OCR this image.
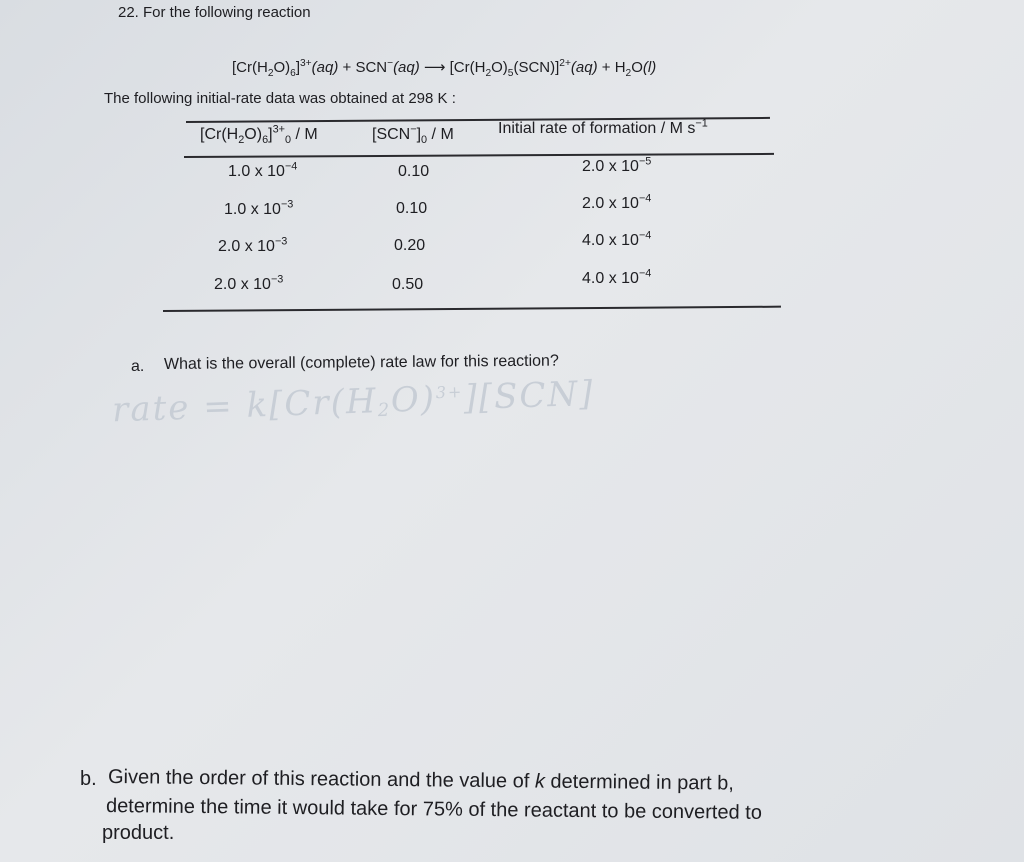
22. For the following reaction
$[Cr(H_2O)_6]^{3+}(aq) + SCN^-(aq)$ ⟶ $[Cr(H_2O)_5(SCN)]^{2+}(aq) + H_2O(l)$
The following initial-rate data was obtained at 298 K :
$[Cr(H_2O)_6]^{3+}_0$ / M	$[SCN^-]_0$ / M	Initial rate of formation / M $s^{-1}$
1.0 x $10^{-4}$	0.10	2.0 x $10^{-5}$
1.0 x $10^{-3}$	0.10	2.0 x $10^{-4}$
2.0 x $10^{-3}$	0.20	4.0 x $10^{-4}$
2.0 x $10^{-3}$	0.50	4.0 x $10^{-4}$
a. What is the overall (complete) rate law for this reaction?
rate = $k[Cr(H2O)^{3+}][SCN]$
b. Given the order of this reaction and the value of k determined in part b,
determine the time it would take for 75% of the reactant to be converted to
product.
